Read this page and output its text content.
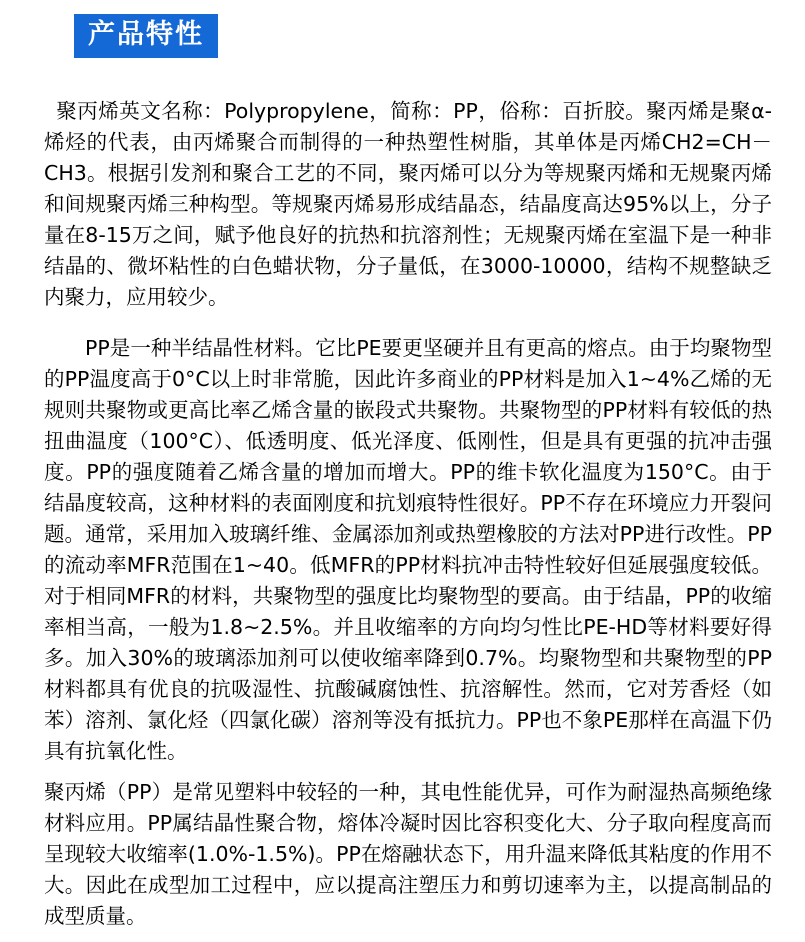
产品特性

聚丙烯英文名称：Polypropylene，简称：PP，俗称：百折胶。聚丙烯是聚α-烯烃的代表，由丙烯聚合而制得的一种热塑性树脂，其单体是丙烯CH2=CH－CH3。根据引发剂和聚合工艺的不同，聚丙烯可以分为等规聚丙烯和无规聚丙烯和间规聚丙烯三种构型。等规聚丙烯易形成结晶态，结晶度高达95%以上，分子量在8-15万之间，赋予他良好的抗热和抗溶剂性；无规聚丙烯在室温下是一种非结晶的、微坏粘性的白色蜡状物，分子量低，在3000-10000，结构不规整缺乏内聚力，应用较少。

PP是一种半结晶性材料。它比PE要更坚硬并且有更高的熔点。由于均聚物型的PP温度高于0°C以上时非常脆，因此许多商业的PP材料是加入1~4%乙烯的无规则共聚物或更高比率乙烯含量的嵌段式共聚物。共聚物型的PP材料有较低的热扭曲温度（100°C）、低透明度、低光泽度、低刚性，但是具有更强的抗冲击强度。PP的强度随着乙烯含量的增加而增大。PP的维卡软化温度为150°C。由于结晶度较高，这种材料的表面刚度和抗划痕特性很好。PP不存在环境应力开裂问题。通常，采用加入玻璃纤维、金属添加剂或热塑橡胶的方法对PP进行改性。PP的流动率MFR范围在1~40。低MFR的PP材料抗冲击特性较好但延展强度较低。对于相同MFR的材料，共聚物型的强度比均聚物型的要高。由于结晶，PP的收缩率相当高，一般为1.8~2.5%。并且收缩率的方向均匀性比PE-HD等材料要好得多。加入30%的玻璃添加剂可以使收缩率降到0.7%。均聚物型和共聚物型的PP材料都具有优良的抗吸湿性、抗酸碱腐蚀性、抗溶解性。然而，它对芳香烃（如苯）溶剂、氯化烃（四氯化碳）溶剂等没有抵抗力。PP也不象PE那样在高温下仍具有抗氧化性。

聚丙烯（PP）是常见塑料中较轻的一种，其电性能优异，可作为耐湿热高频绝缘材料应用。PP属结晶性聚合物，熔体冷凝时因比容积变化大、分子取向程度高而呈现较大收缩率(1.0%-1.5%)。PP在熔融状态下，用升温来降低其粘度的作用不大。因此在成型加工过程中，应以提高注塑压力和剪切速率为主，以提高制品的成型质量。
